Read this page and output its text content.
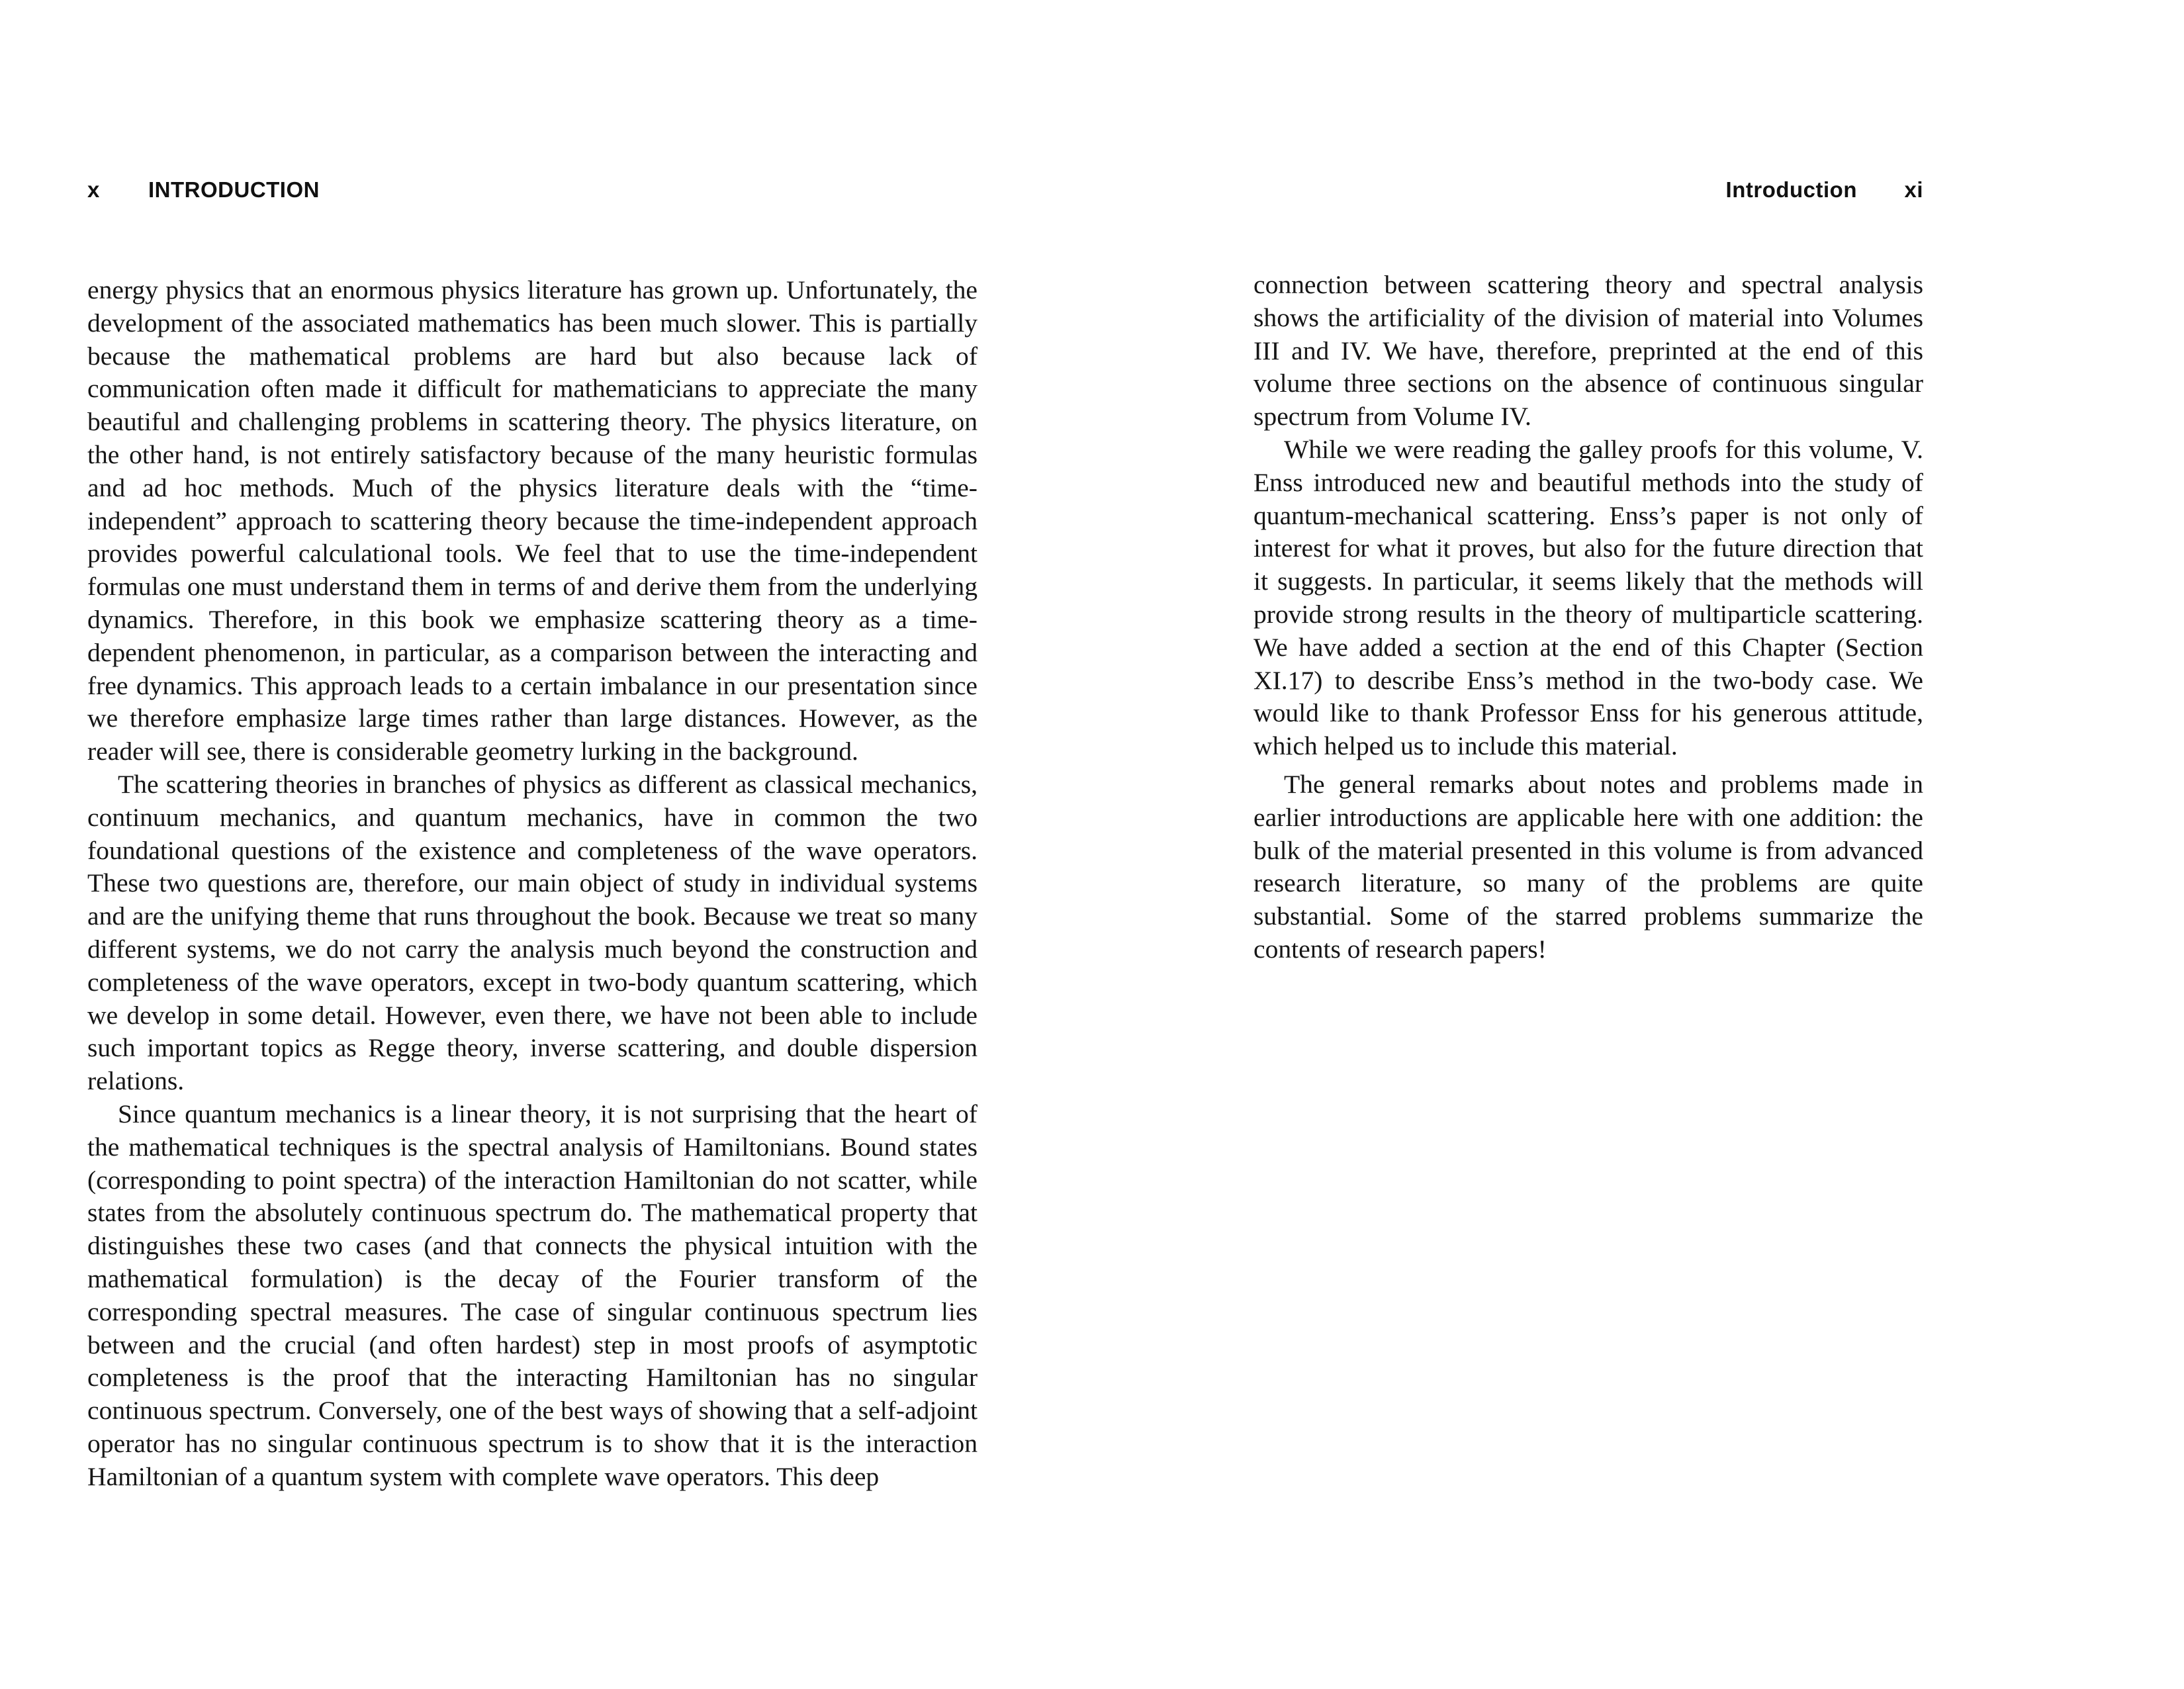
x INTRODUCTION

energy physics that an enormous physics literature has grown up. Unfortunately, the development of the associated mathematics has been much slower. This is partially because the mathematical problems are hard but also because lack of communication often made it difficult for mathematicians to appreciate the many beautiful and challenging problems in scattering theory. The physics literature, on the other hand, is not entirely satisfactory because of the many heuristic formulas and ad hoc methods. Much of the physics literature deals with the “time-independent” approach to scattering theory because the time-independent approach provides powerful calculational tools. We feel that to use the time-independent formulas one must understand them in terms of and derive them from the underlying dynamics. Therefore, in this book we emphasize scattering theory as a time-dependent phenomenon, in particular, as a comparison between the interacting and free dynamics. This approach leads to a certain imbalance in our presentation since we therefore emphasize large times rather than large distances. However, as the reader will see, there is considerable geometry lurking in the background.

The scattering theories in branches of physics as different as classical mechanics, continuum mechanics, and quantum mechanics, have in common the two foundational questions of the existence and completeness of the wave operators. These two questions are, therefore, our main object of study in individual systems and are the unifying theme that runs throughout the book. Because we treat so many different systems, we do not carry the analysis much beyond the construction and completeness of the wave operators, except in two-body quantum scattering, which we develop in some detail. However, even there, we have not been able to include such important topics as Regge theory, inverse scattering, and double dispersion relations.

Since quantum mechanics is a linear theory, it is not surprising that the heart of the mathematical techniques is the spectral analysis of Hamiltonians. Bound states (corresponding to point spectra) of the interaction Hamiltonian do not scatter, while states from the absolutely continuous spectrum do. The mathematical property that distinguishes these two cases (and that connects the physical intuition with the mathematical formulation) is the decay of the Fourier transform of the corresponding spectral measures. The case of singular continuous spectrum lies between and the crucial (and often hardest) step in most proofs of asymptotic completeness is the proof that the interacting Hamiltonian has no singular continuous spectrum. Conversely, one of the best ways of showing that a self-adjoint operator has no singular continuous spectrum is to show that it is the interaction Hamiltonian of a quantum system with complete wave operators. This deep

Introduction xi

connection between scattering theory and spectral analysis shows the artificiality of the division of material into Volumes III and IV. We have, therefore, preprinted at the end of this volume three sections on the absence of continuous singular spectrum from Volume IV.

While we were reading the galley proofs for this volume, V. Enss introduced new and beautiful methods into the study of quantum-mechanical scattering. Enss’s paper is not only of interest for what it proves, but also for the future direction that it suggests. In particular, it seems likely that the methods will provide strong results in the theory of multiparticle scattering. We have added a section at the end of this Chapter (Section XI.17) to describe Enss’s method in the two-body case. We would like to thank Professor Enss for his generous attitude, which helped us to include this material.

The general remarks about notes and problems made in earlier introductions are applicable here with one addition: the bulk of the material presented in this volume is from advanced research literature, so many of the problems are quite substantial. Some of the starred problems summarize the contents of research papers!
